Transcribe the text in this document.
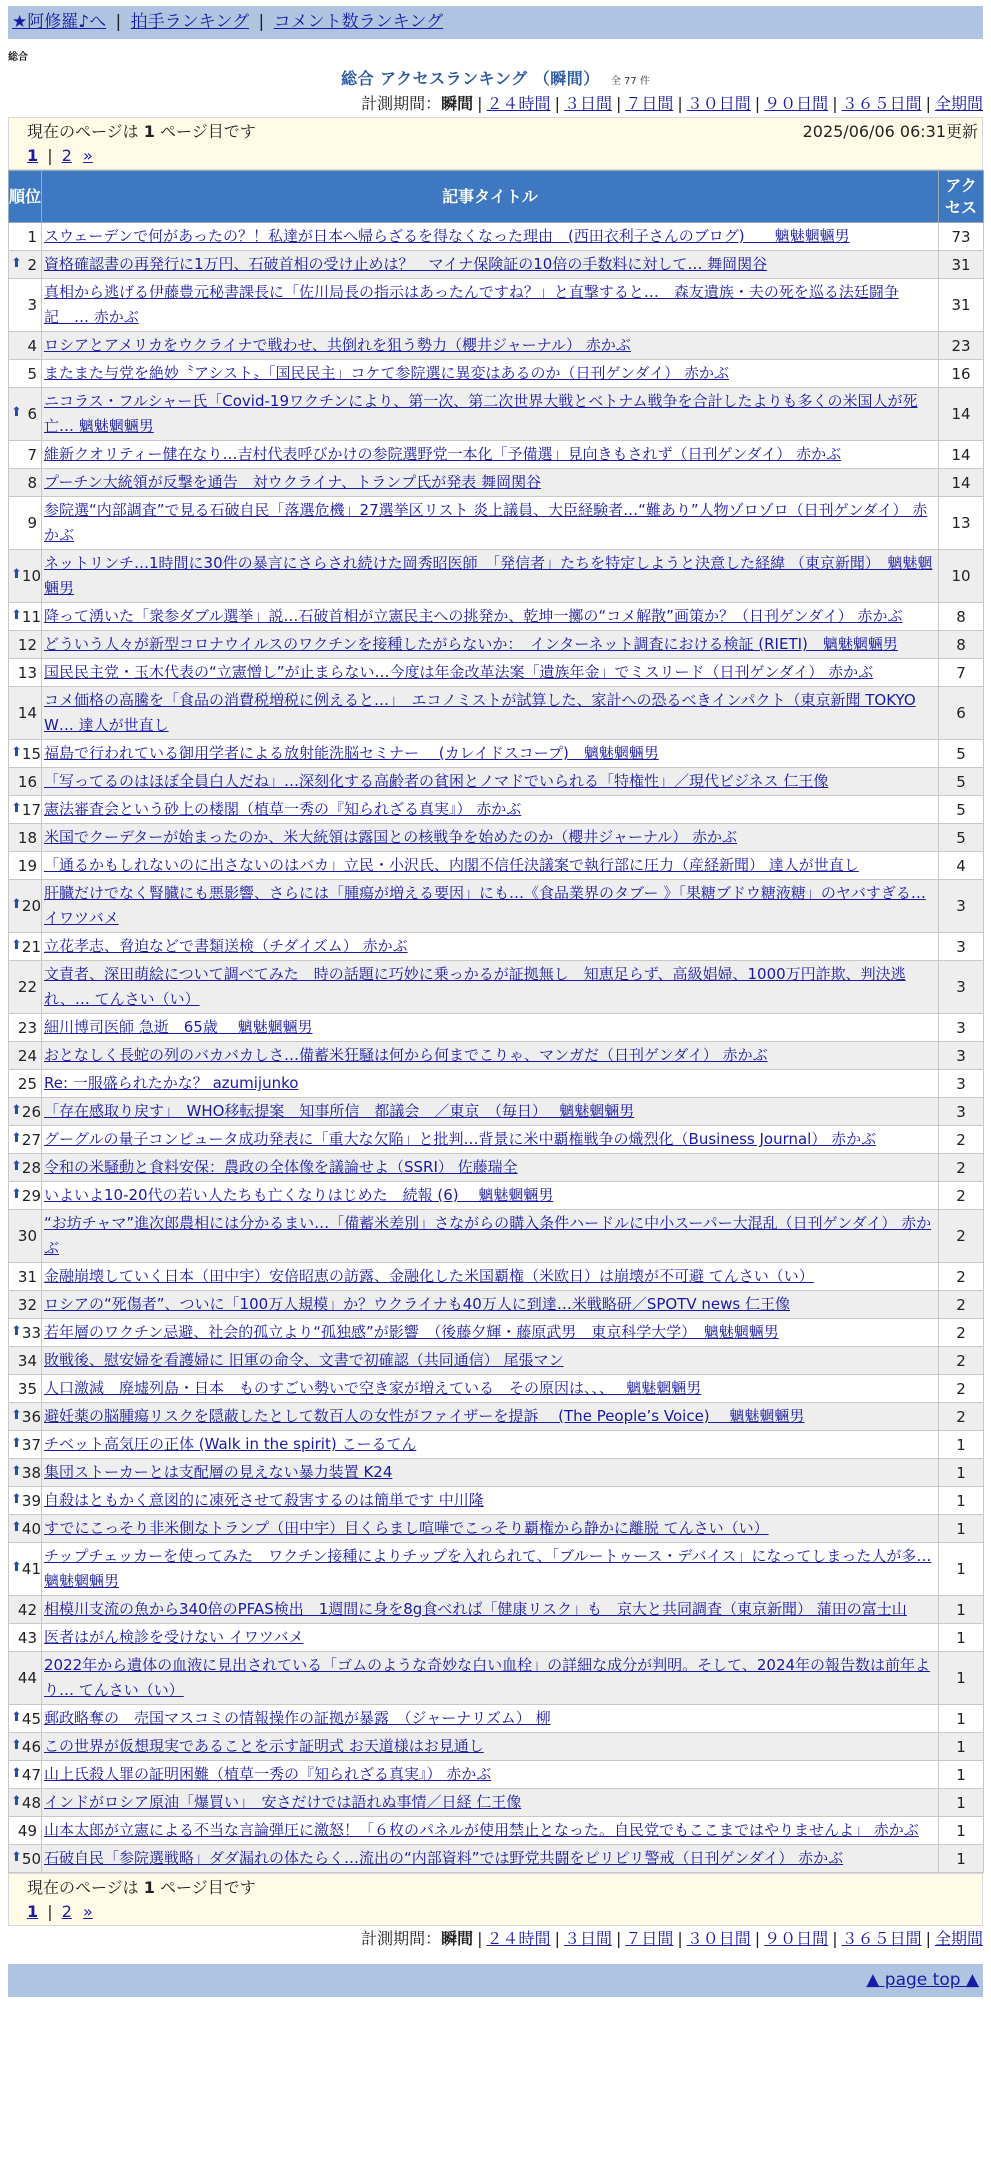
★阿修羅♪へ | 拍手ランキング | コメント数ランキング
総合
総合 アクセスランキング （瞬間） 全 77 件
計測期間：瞬間 | ２４時間 | ３日間 | ７日間 | ３０日間 | ９０日間 | ３６５日間 | 全期間
現在のページは 1 ページ目です	2025/06/06 06:31更新
1 | 2 »
順位	記事タイトル	アクセス
1	スウェーデンで何があったの？！私達が日本へ帰らざるを得なくなった理由　(西田衣利子さんのブログ)　　魑魅魍魎男	73

⬆ 2	資格確認書の再発行に1万円、石破首相の受け止めは？　マイナ保険証の10倍の手数料に対して… 舞岡関谷	31
3	真相から逃げる伊藤豊元秘書課長に「佐川局長の指示はあったんですね？」と直撃すると…　森友遺族・夫の死を巡る法廷闘争記　… 赤かぶ	31
4	ロシアとアメリカをウクライナで戦わせ、共倒れを狙う勢力（櫻井ジャーナル） 赤かぶ	23
5	またまた与党を絶妙〝アシスト〟「国民民主」コケて参院選に異変はあるのか（日刊ゲンダイ） 赤かぶ	16

⬆ 6	ニコラス・フルシャー氏「Covid-19ワクチンにより、第一次、第二次世界大戦とベトナム戦争を合計したよりも多くの米国人が死亡… 魑魅魍魎男	14
7	維新クオリティー健在なり…吉村代表呼びかけの参院選野党一本化「予備選」見向きもされず（日刊ゲンダイ） 赤かぶ	14
8	プーチン大統領が反撃を通告　対ウクライナ、トランプ氏が発表 舞岡関谷	14
9	参院選“内部調査”で見る石破自民「落選危機」27選挙区リスト 炎上議員、大臣経験者…“難あり”人物ゾロゾロ（日刊ゲンダイ） 赤かぶ	13

⬆ 10	ネットリンチ…1時間に30件の暴言にさらされ続けた岡秀昭医師　「発信者」たちを特定しようと決意した経緯 （東京新聞）　魑魅魍魎男	10

⬆ 11	降って湧いた「衆参ダブル選挙」説…石破首相が立憲民主への挑発か、乾坤一擲の“コメ解散”画策か？（日刊ゲンダイ） 赤かぶ	8
12	どういう人々が新型コロナウイルスのワクチンを接種したがらないか：　インターネット調査における検証 (RIETI)　魑魅魍魎男	8
13	国民民主党・玉木代表の“立憲憎し”が止まらない…今度は年金改革法案「遺族年金」でミスリード（日刊ゲンダイ） 赤かぶ	7
14	コメ価格の高騰を「食品の消費税増税に例えると…」　エコノミストが試算した、家計への恐るべきインパクト（東京新聞 TOKYO W… 達人が世直し	6

⬆ 15	福島で行われている御用学者による放射能洗脳セミナー　 (カレイドスコープ)　魑魅魍魎男	5
16	「写ってるのはほぼ全員白人だね」…深刻化する高齢者の貧困とノマドでいられる「特権性」／現代ビジネス 仁王像	5

⬆ 17	憲法審査会という砂上の楼閣（植草一秀の『知られざる真実』） 赤かぶ	5
18	米国でクーデターが始まったのか、米大統領は露国との核戦争を始めたのか（櫻井ジャーナル） 赤かぶ	5
19	「通るかもしれないのに出さないのはバカ」立民・小沢氏、内閣不信任決議案で執行部に圧力（産経新聞） 達人が世直し	4

⬆ 20	肝臓だけでなく腎臓にも悪影響、さらには「腫瘍が増える要因」にも…《食品業界のタブー 》「果糖ブドウ糖液糖」のヤバすぎる… イワツバメ	3

⬆ 21	立花孝志、脅迫などで書類送検（チダイズム） 赤かぶ	3
22	文責者、深田萌絵について調べてみた　時の話題に巧妙に乗っかるが証拠無し　知恵足らず、高級娼婦、1000万円詐欺、判決逃れ、… てんさい（い）	3
23	細川博司医師 急逝　65歳　 魑魅魍魎男	3
24	おとなしく長蛇の列のバカバカしさ…備蓄米狂騒は何から何までこりゃ、マンガだ（日刊ゲンダイ） 赤かぶ	3
25	Re: 一服盛られたかな？ azumijunko	3

⬆ 26	「存在感取り戻す」　WHO移転提案　知事所信　都議会　／東京　（毎日）　 魑魅魍魎男	3

⬆ 27	グーグルの量子コンピュータ成功発表に「重大な欠陥」と批判…背景に米中覇権戦争の熾烈化（Business Journal） 赤かぶ	2

⬆ 28	令和の米騒動と食料安保：農政の全体像を議論せよ（SSRI） 佐藤瑞全	2

⬆ 29	いよいよ10-20代の若い人たちも亡くなりはじめた　続報 (6)　 魑魅魍魎男	2
30	“お坊チャマ”進次郎農相には分かるまい…「備蓄米差別」さながらの購入条件ハードルに中小スーパー大混乱（日刊ゲンダイ） 赤かぶ	2
31	金融崩壊していく日本（田中宇）安倍昭恵の訪露、金融化した米国覇権（米欧日）は崩壊が不可避 てんさい（い）	2
32	ロシアの“死傷者”、ついに「100万人規模」か？ウクライナも40万人に到達…米戦略研／SPOTV news 仁王像	2

⬆ 33	若年層のワクチン忌避、社会的孤立より“孤独感”が影響　（後藤夕輝・藤原武男　東京科学大学）　魑魅魍魎男	2
34	敗戦後、慰安婦を看護婦に 旧軍の命令、文書で初確認（共同通信） 尾張マン	2
35	人口激減　廃墟列島・日本　ものすごい勢いで空き家が増えている　その原因は、、、　 魑魅魍魎男	2

⬆ 36	避妊薬の脳腫瘍リスクを隠蔽したとして数百人の女性がファイザーを提訴　 (The People’s Voice)　 魑魅魍魎男	2

⬆ 37	チベット高気圧の正体 (Walk in the spirit) こーるてん	1

⬆ 38	集団ストーカーとは支配層の見えない暴力装置 K24	1

⬆ 39	自殺はともかく意図的に凍死させて殺害するのは簡単です 中川隆	1

⬆ 40	すでにこっそり非米側なトランプ（田中宇）目くらまし喧嘩でこっそり覇権から静かに離脱 てんさい（い）	1

⬆ 41	チップチェッカーを使ってみた　ワクチン接種によりチップを入れられて、「ブルートゥース・デバイス」になってしまった人が多… 魑魅魍魎男	1
42	相模川支流の魚から340倍のPFAS検出　1週間に身を8g食べれば「健康リスク」も　京大と共同調査（東京新聞） 蒲田の富士山	1
43	医者はがん検診を受けない イワツバメ	1
44	2022年から遺体の血液に見出されている「ゴムのような奇妙な白い血栓」の詳細な成分が判明。そして、2024年の報告数は前年より… てんさい（い）	1

⬆ 45	郵政略奪の　売国マスコミの情報操作の証拠が暴露　（ジャーナリズム） 柳	1

⬆ 46	この世界が仮想現実であることを示す証明式 お天道様はお見通し	1

⬆ 47	山上氏殺人罪の証明困難（植草一秀の『知られざる真実』） 赤かぶ	1

⬆ 48	インドがロシア原油「爆買い」　安さだけでは語れぬ事情／日経 仁王像	1
49	山本太郎が立憲による不当な言論弾圧に激怒！「６枚のパネルが使用禁止となった。自民党でもここまではやりませんよ」 赤かぶ	1

⬆ 50	石破自民「参院選戦略」ダダ漏れの体たらく…流出の“内部資料”では野党共闘をピリピリ警戒（日刊ゲンダイ） 赤かぶ	1
現在のページは 1 ページ目です
1 | 2 »
計測期間：瞬間 | ２４時間 | ３日間 | ７日間 | ３０日間 | ９０日間 | ３６５日間 | 全期間
▲ page top ▲
